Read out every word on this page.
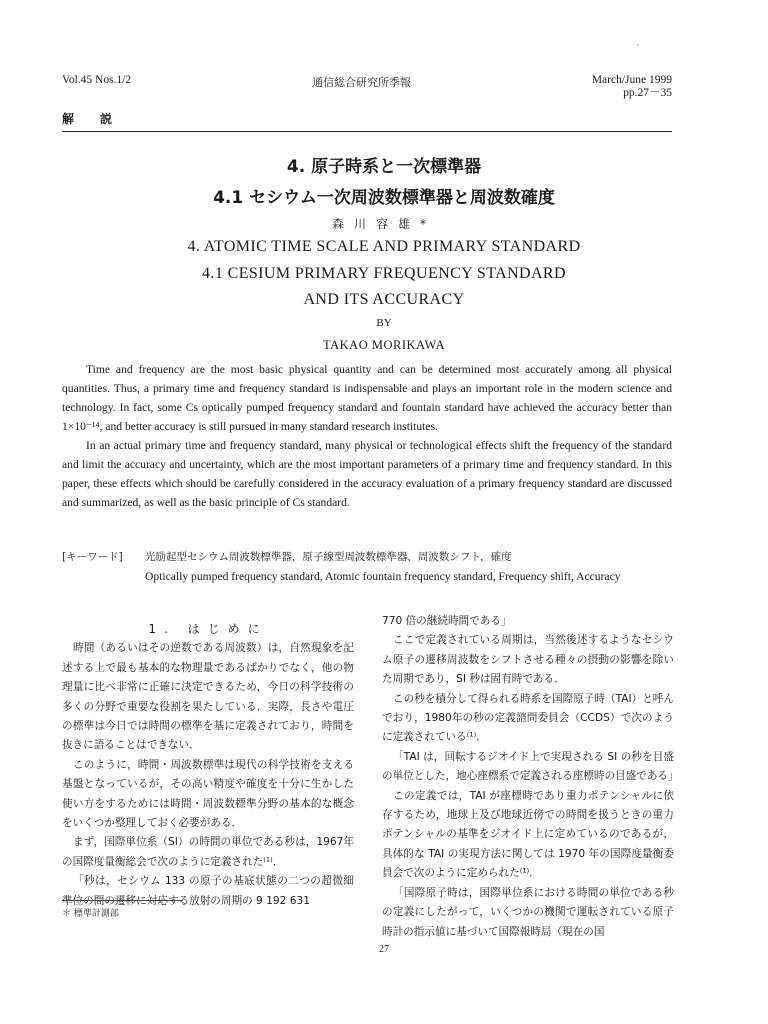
Vol.45 Nos.1/2	通信総合研究所季報	March/June 1999
pp.27－35
解説
4. 原子時系と一次標準器
4.1 セシウム一次周波数標準器と周波数確度
森川容雄*
4. ATOMIC TIME SCALE AND PRIMARY STANDARD
4.1 CESIUM PRIMARY FREQUENCY STANDARD
AND ITS ACCURACY
BY
TAKAO MORIKAWA

Time and frequency are the most basic physical quantity and can be determined most accurately among all physical quantities. Thus, a primary time and frequency standard is indispensable and plays an important role in the modern science and technology. In fact, some Cs optically pumped frequency standard and fountain standard have achieved the accuracy better than 1×10⁻¹⁴, and better accuracy is still pursued in many standard research institutes.

In an actual primary time and frequency standard, many physical or technological effects shift the frequency of the standard and limit the accuracy and uncertainty, which are the most important parameters of a primary time and frequency standard. In this paper, these effects which should be carefully considered in the accuracy evaluation of a primary frequency standard are discussed and summarized, as well as the basic principle of Cs standard.

[キーワード] 光励起型セシウム周波数標準器，原子線型周波数標準器，周波数シフト，確度
Optically pumped frequency standard, Atomic fountain frequency standard, Frequency shift, Accuracy

1. はじめに

時間（あるいはその逆数である周波数）は，自然現象を記述する上で最も基本的な物理量であるばかりでなく，他の物理量に比べ非常に正確に決定できるため，今日の科学技術の多くの分野で重要な役割を果たしている．実際，長さや電圧の標準は今日では時間の標準を基に定義されており，時間を抜きに語ることはできない．

このように，時間・周波数標準は現代の科学技術を支える基盤となっているが，その高い精度や確度を十分に生かした使い方をするためには時間・周波数標準分野の基本的な概念をいくつか整理しておく必要がある．

まず，国際単位系（SI）の時間の単位である秒は，1967年の国際度量衡総会で次のように定義された⁽¹⁾．

「秒は，セシウム 133 の原子の基底状態の二つの超微細準位の間の遷移に対応する放射の周期の 9 192 631

770 倍の継続時間である」

ここで定義されている周期は，当然後述するようなセシウム原子の遷移周波数をシフトさせる種々の摂動の影響を除いた周期であり，SI 秒は固有時である．

この秒を積分して得られる時系を国際原子時（TAI）と呼んでおり，1980年の秒の定義諮問委員会（CCDS）で次のように定義されている⁽¹⁾．

「TAI は，回転するジオイド上で実現される SI の秒を目盛の単位とした，地心座標系で定義される座標時の目盛である」

この定義では，TAI が座標時であり重力ポテンシャルに依存するため，地球上及び地球近傍での時間を扱うときの重力ポテンシャルの基準をジオイド上に定めているのであるが，具体的な TAI の実現方法に関しては 1970 年の国際度量衡委員会で次のように定められた⁽¹⁾．

「国際原子時は，国際単位系における時間の単位である秒の定義にしたがって，いくつかの機関で運転されている原子時計の指示値に基づいて国際報時局（現在の国

＊ 標準計測部
27
